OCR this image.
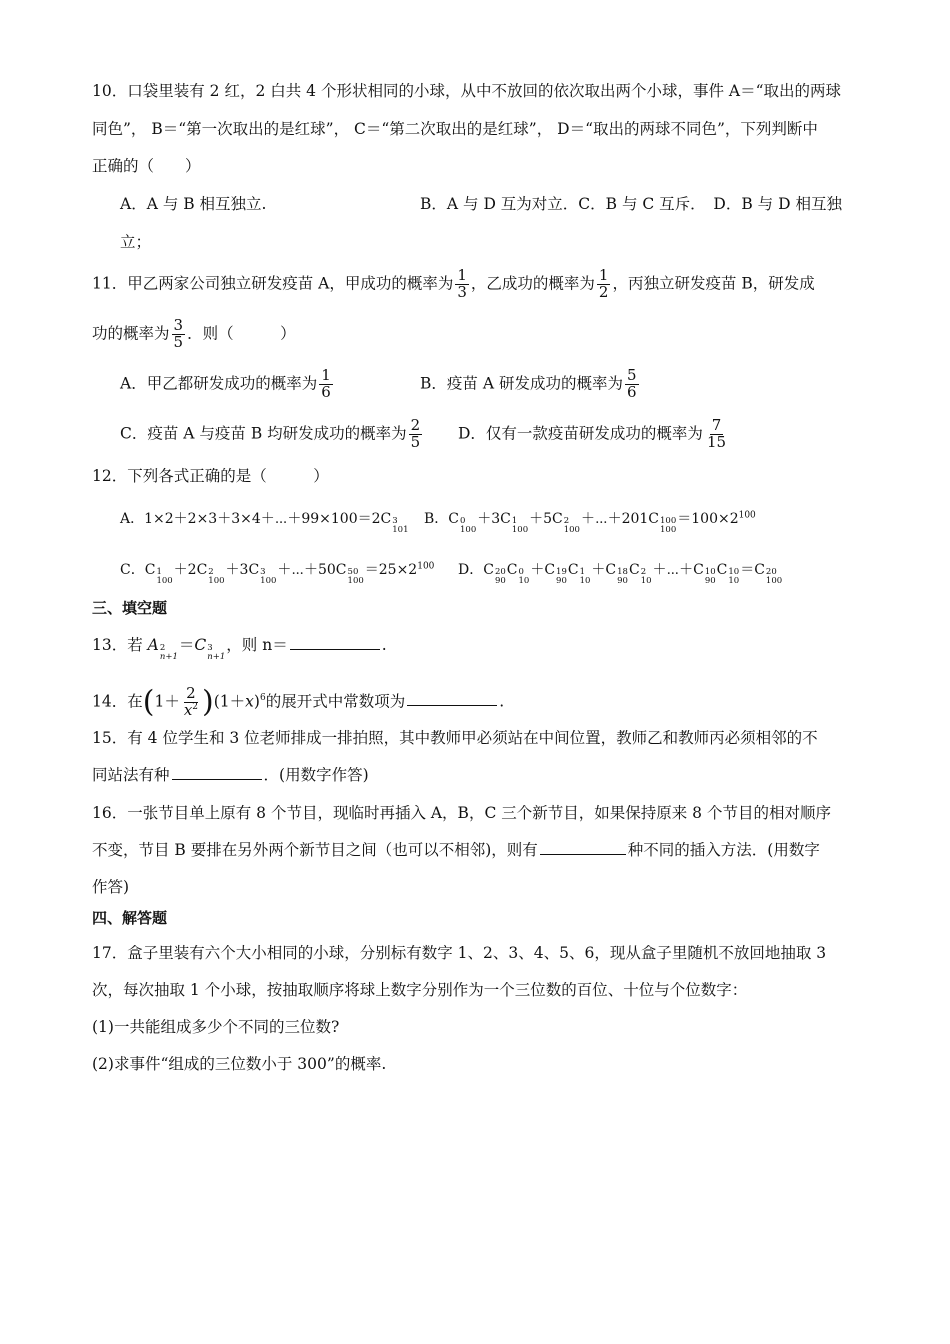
10．口袋里装有 2 红，2 白共 4 个形状相同的小球，从中不放回的依次取出两个小球，事件 A＝“取出的两球
同色”， B＝“第一次取出的是红球”， C＝“第二次取出的是红球”， D＝“取出的两球不同色”，下列判断中
正确的（　　）
A．A 与 B 相互独立.	B．A 与 D 互为对立．C．B 与 C 互斥．　D．B 与 D 相互独
立；
11．甲乙两家公司独立研发疫苗 A，甲成功的概率为 $\frac{1}{3}$ ，乙成功的概率为 $\frac{1}{2}$ ，丙独立研发疫苗 B，研发成
功的概率为 $\frac{3}{5}$ ．则（　　　）
A．甲乙都研发成功的概率为 $\frac{1}{6}$	B．疫苗 A 研发成功的概率为 $\frac{5}{6}$
C．疫苗 A 与疫苗 B 均研发成功的概率为 $\frac{2}{5}$ D．仅有一款疫苗研发成功的概率为 $\frac{7}{15}$
12．下列各式正确的是（　　　）
A．1×2＋2×3＋3×4＋⋯＋99×100＝2C 3
101
B．C 0
100
＋3C 1
100
＋5C 2
100
＋⋯＋201C 100
100
$=100\times 2^{100}$
C．C 1
100
＋2C 2
100
＋3C 3
100
＋⋯＋50C 50
100
$=25\times 2^{100}$ D．C 20
90
C 0
10
＋C 19
90
C 1
10
＋C 18
90
C 2
10
＋⋯＋C 10
90
C 10
10
＝C 20
100
三、填空题
13．若 A 2
n+1
＝C 3
n+1
，则 n＝	.
14．在$(1+ \frac{2}{x^2} )(1+x)^6$的展开式中常数项为	.
15．有 4 位学生和 3 位老师排成一排拍照，其中教师甲必须站在中间位置，教师乙和教师丙必须相邻的不
同站法有种	．(用数字作答)
16．一张节目单上原有 8 个节目，现临时再插入 A，B，C 三个新节目，如果保持原来 8 个节目的相对顺序
不变，节目 B 要排在另外两个新节目之间（也可以不相邻)，则有	种不同的插入方法．(用数字
作答)
四、解答题
17．盒子里装有六个大小相同的小球，分别标有数字 1、2、3、4、5、6，现从盒子里随机不放回地抽取 3
次，每次抽取 1 个小球，按抽取顺序将球上数字分别作为一个三位数的百位、十位与个位数字：
(1)一共能组成多少个不同的三位数?
(2)求事件“组成的三位数小于 300”的概率.
